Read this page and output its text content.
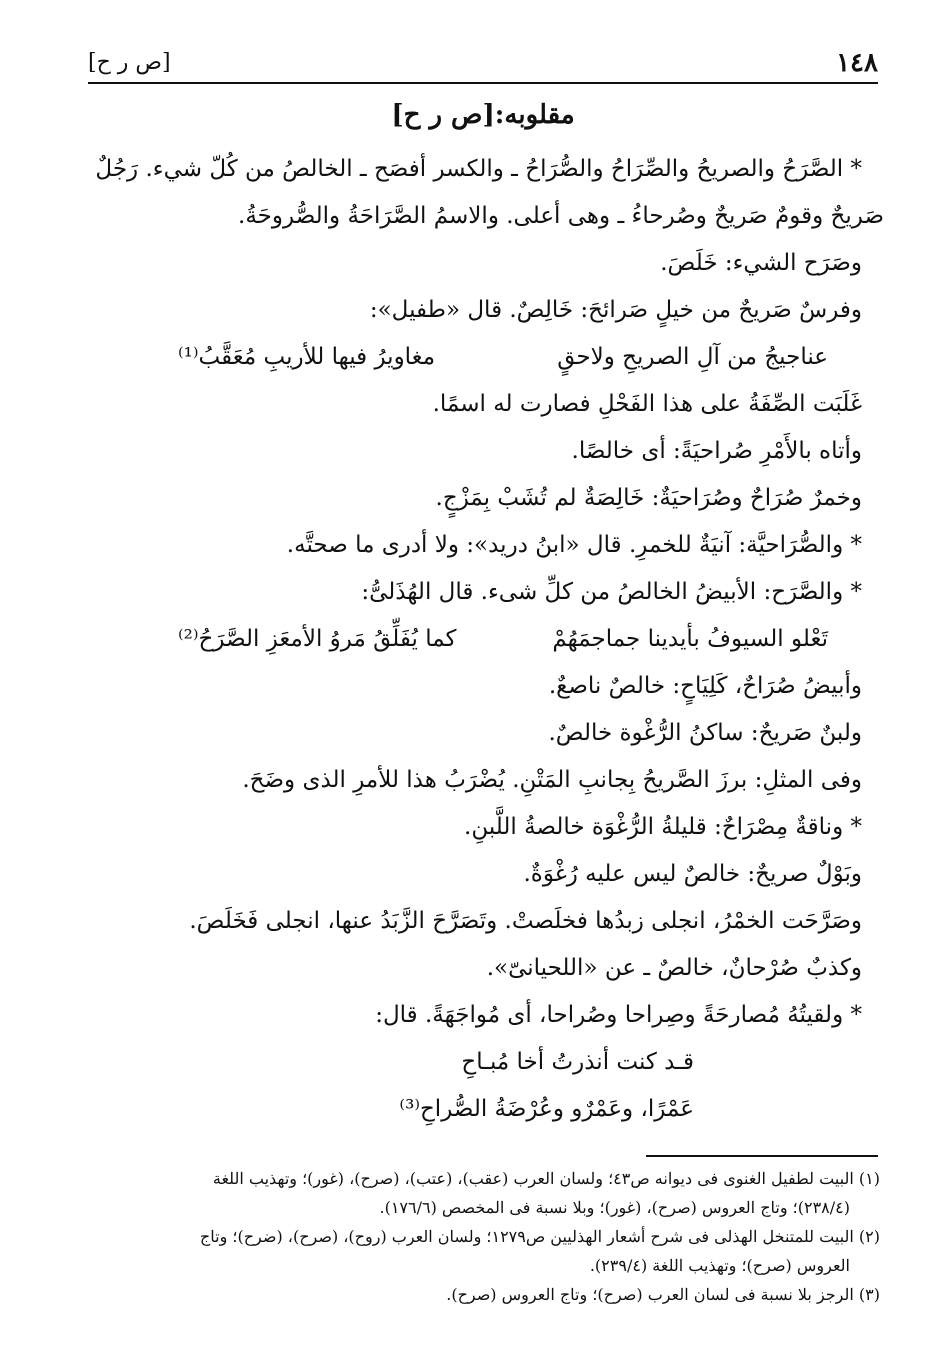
١٤٨
[ص ر ح]
مقلوبه:[ص ر ح]

* الصَّرَحُ والصريحُ والصِّرَاحُ والصُّرَاحُ ـ والكسر أفصَح ـ الخالصُ من كُلّ شيء. رَجُلٌ

صَريحٌ وقومٌ صَريحٌ وصُرحاءُ ـ وهى أعلى. والاسمُ الصَّرَاحَةُ والصُّروحَةُ.

وصَرَح الشيء: خَلَصَ.

وفرسٌ صَريحٌ من خيلٍ صَرائحَ: خَالِصٌ. قال «طفيل»:

عناجيجُ من آلِ الصريحِ ولاحقٍ
مغاويرُ فيها للأريبِ مُعَقَّبُ⁽¹⁾

غَلَبَت الصِّفَةُ على هذا الفَحْلِ فصارت له اسمًا.

وأتاه بالأَمْرِ صُراحيَةً: أى خالصًا.

وخمرٌ صُرَاحٌ وصُرَاحيَةٌ: خَالِصَةٌ لم تُشَبْ بِمَزْجٍ.

* والصُّرَاحيَّة: آنيَةٌ للخمرِ. قال «ابنُ دريد»: ولا أدرى ما صحتَّه.

* والصَّرَح: الأبيضُ الخالصُ من كلِّ شىء. قال الهُذَلىُّ:

تَعْلو السيوفُ بأيدينا جماجمَهُمْ
كما يُفَلِّقُ مَروُ الأمعَزِ الصَّرَحُ⁽²⁾

وأبيضُ صُرَاحٌ، كَلِيَاحٍ: خالصٌ ناصعٌ.

ولبنٌ صَريحٌ: ساكنُ الرُّغْوة خالصٌ.

وفى المثلِ: برزَ الصَّريحُ بِجانبِ المَتْنِ. يُضْرَبُ هذا للأمرِ الذى وضَحَ.

* وناقةٌ مِصْرَاحٌ: قليلةُ الرُّغْوَة خالصةُ اللَّبنِ.

وبَوْلٌ صريحٌ: خالصٌ ليس عليه رُغْوَةٌ.

وصَرَّحَت الخمْرُ، انجلى زبدُها فخلَصتْ. وتَصَرَّحَ الزَّبَدُ عنها، انجلى فَخَلَصَ.

وكذبٌ صُرْحانٌ، خالصٌ ـ عن «اللحيانىّ».

* ولقيتُهُ مُصارحَةً وصِراحا وصُراحا، أى مُواجَهَةً. قال:

قـد كنت أنذرتُ أخا مُبـاحِ

عَمْرًا، وعَمْرٌو وعُرْضَةُ الصُّراحِ⁽³⁾

(١) البيت لطفيل الغنوى فى ديوانه ص٤٣؛ ولسان العرب (عقب)، (عتب)، (صرح)، (غور)؛ وتهذيب اللغة

(٢٣٨/٤)؛ وتاج العروس (صرح)، (غور)؛ وبلا نسبة فى المخصص (١٧٦/٦).

(٢) البيت للمتنخل الهذلى فى شرح أشعار الهذليين ص١٢٧٩؛ ولسان العرب (روح)، (صرح)، (ضرح)؛ وتاج

العروس (صرح)؛ وتهذيب اللغة (٢٣٩/٤).

(٣) الرجز بلا نسبة فى لسان العرب (صرح)؛ وتاج العروس (صرح).
